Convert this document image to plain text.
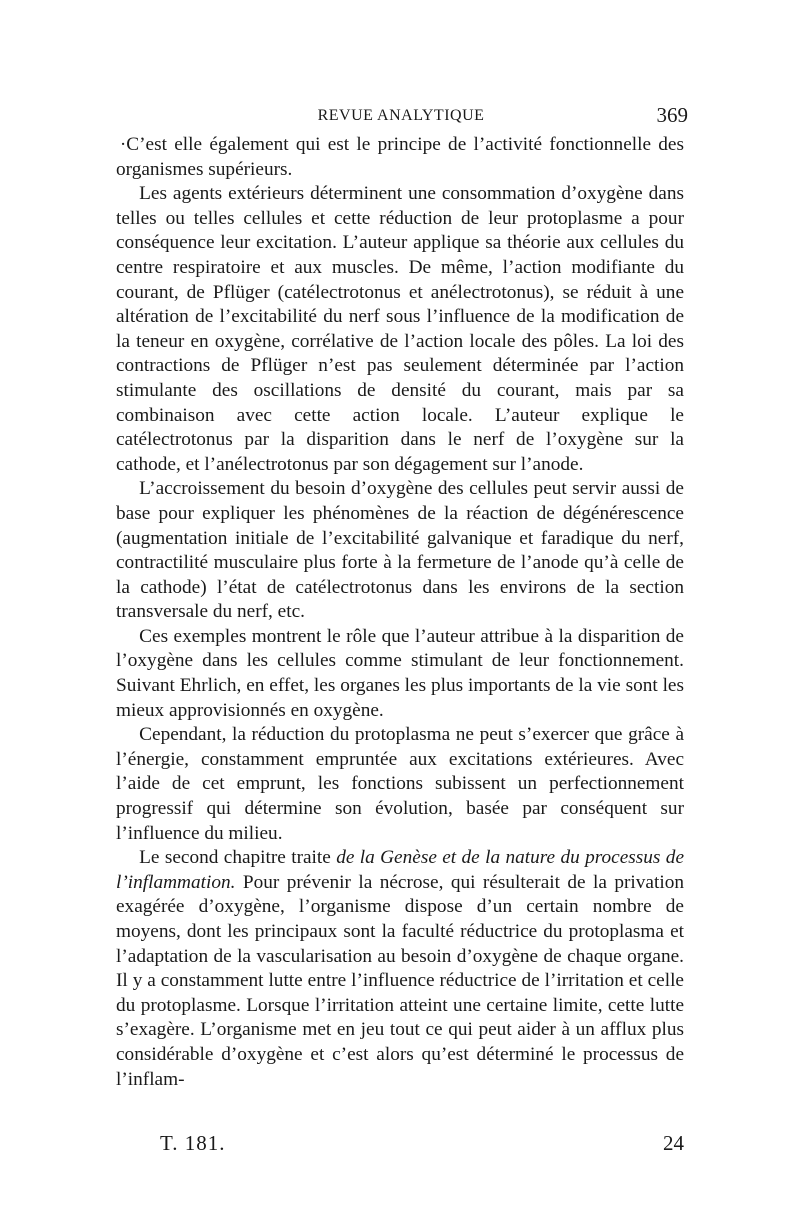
REVUE ANALYTIQUE	369

·C’est elle également qui est le principe de l’activité fonctionnelle des organismes supérieurs.

Les agents extérieurs déterminent une consommation d’oxygène dans telles ou telles cellules et cette réduction de leur protoplasme a pour conséquence leur excitation. L’auteur applique sa théorie aux cellules du centre respiratoire et aux muscles. De même, l’action modifiante du courant, de Pflüger (catélectrotonus et anélectrotonus), se réduit à une altération de l’excitabilité du nerf sous l’influence de la modification de la teneur en oxygène, corrélative de l’action locale des pôles. La loi des contractions de Pflüger n’est pas seulement déterminée par l’action stimulante des oscillations de densité du courant, mais par sa combinaison avec cette action locale. L’auteur explique le catélectrotonus par la disparition dans le nerf de l’oxygène sur la cathode, et l’anélectrotonus par son dégagement sur l’anode.

L’accroissement du besoin d’oxygène des cellules peut servir aussi de base pour expliquer les phénomènes de la réaction de dégénérescence (augmentation initiale de l’excitabilité galvanique et faradique du nerf, contractilité musculaire plus forte à la fermeture de l’anode qu’à celle de la cathode) l’état de catélectrotonus dans les environs de la section transversale du nerf, etc.

Ces exemples montrent le rôle que l’auteur attribue à la disparition de l’oxygène dans les cellules comme stimulant de leur fonctionnement. Suivant Ehrlich, en effet, les organes les plus importants de la vie sont les mieux approvisionnés en oxygène.

Cependant, la réduction du protoplasma ne peut s’exercer que grâce à l’énergie, constamment empruntée aux excitations extérieures. Avec l’aide de cet emprunt, les fonctions subissent un perfectionnement progressif qui détermine son évolution, basée par conséquent sur l’influence du milieu.

Le second chapitre traite de la Genèse et de la nature du processus de l’inflammation. Pour prévenir la nécrose, qui résulterait de la privation exagérée d’oxygène, l’organisme dispose d’un certain nombre de moyens, dont les principaux sont la faculté réductrice du protoplasma et l’adaptation de la vascularisation au besoin d’oxygène de chaque organe. Il y a constamment lutte entre l’influence réductrice de l’irritation et celle du protoplasme. Lorsque l’irritation atteint une certaine limite, cette lutte s’exagère. L’organisme met en jeu tout ce qui peut aider à un afflux plus considérable d’oxygène et c’est alors qu’est déterminé le processus de l’inflam-

T. 181.	24
